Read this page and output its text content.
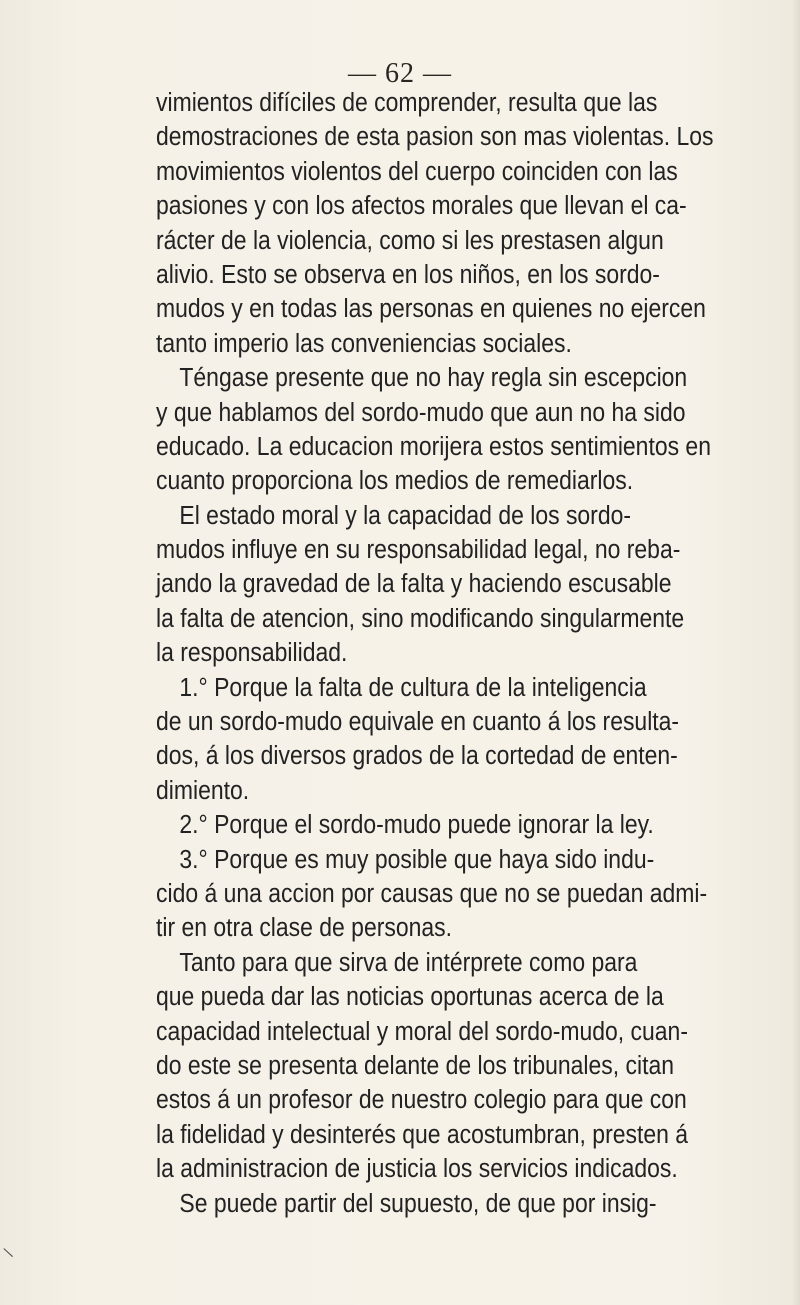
— 62 —
vimientos difíciles de comprender, resulta que las
demostraciones de esta pasion son mas violentas. Los
movimientos violentos del cuerpo coinciden con las
pasiones y con los afectos morales que llevan el ca-
rácter de la violencia, como si les prestasen algun
alivio. Esto se observa en los niños, en los sordo-
mudos y en todas las personas en quienes no ejercen
tanto imperio las conveniencias sociales.
Téngase presente que no hay regla sin escepcion
y que hablamos del sordo-mudo que aun no ha sido
educado. La educacion morijera estos sentimientos en
cuanto proporciona los medios de remediarlos.
El estado moral y la capacidad de los sordo-
mudos influye en su responsabilidad legal, no reba-
jando la gravedad de la falta y haciendo escusable
la falta de atencion, sino modificando singularmente
la responsabilidad.
1.° Porque la falta de cultura de la inteligencia
de un sordo-mudo equivale en cuanto á los resulta-
dos, á los diversos grados de la cortedad de enten-
dimiento.
2.° Porque el sordo-mudo puede ignorar la ley.
3.° Porque es muy posible que haya sido indu-
cido á una accion por causas que no se puedan admi-
tir en otra clase de personas.
Tanto para que sirva de intérprete como para
que pueda dar las noticias oportunas acerca de la
capacidad intelectual y moral del sordo-mudo, cuan-
do este se presenta delante de los tribunales, citan
estos á un profesor de nuestro colegio para que con
la fidelidad y desinterés que acostumbran, presten á
la administracion de justicia los servicios indicados.
Se puede partir del supuesto, de que por insig-
\
